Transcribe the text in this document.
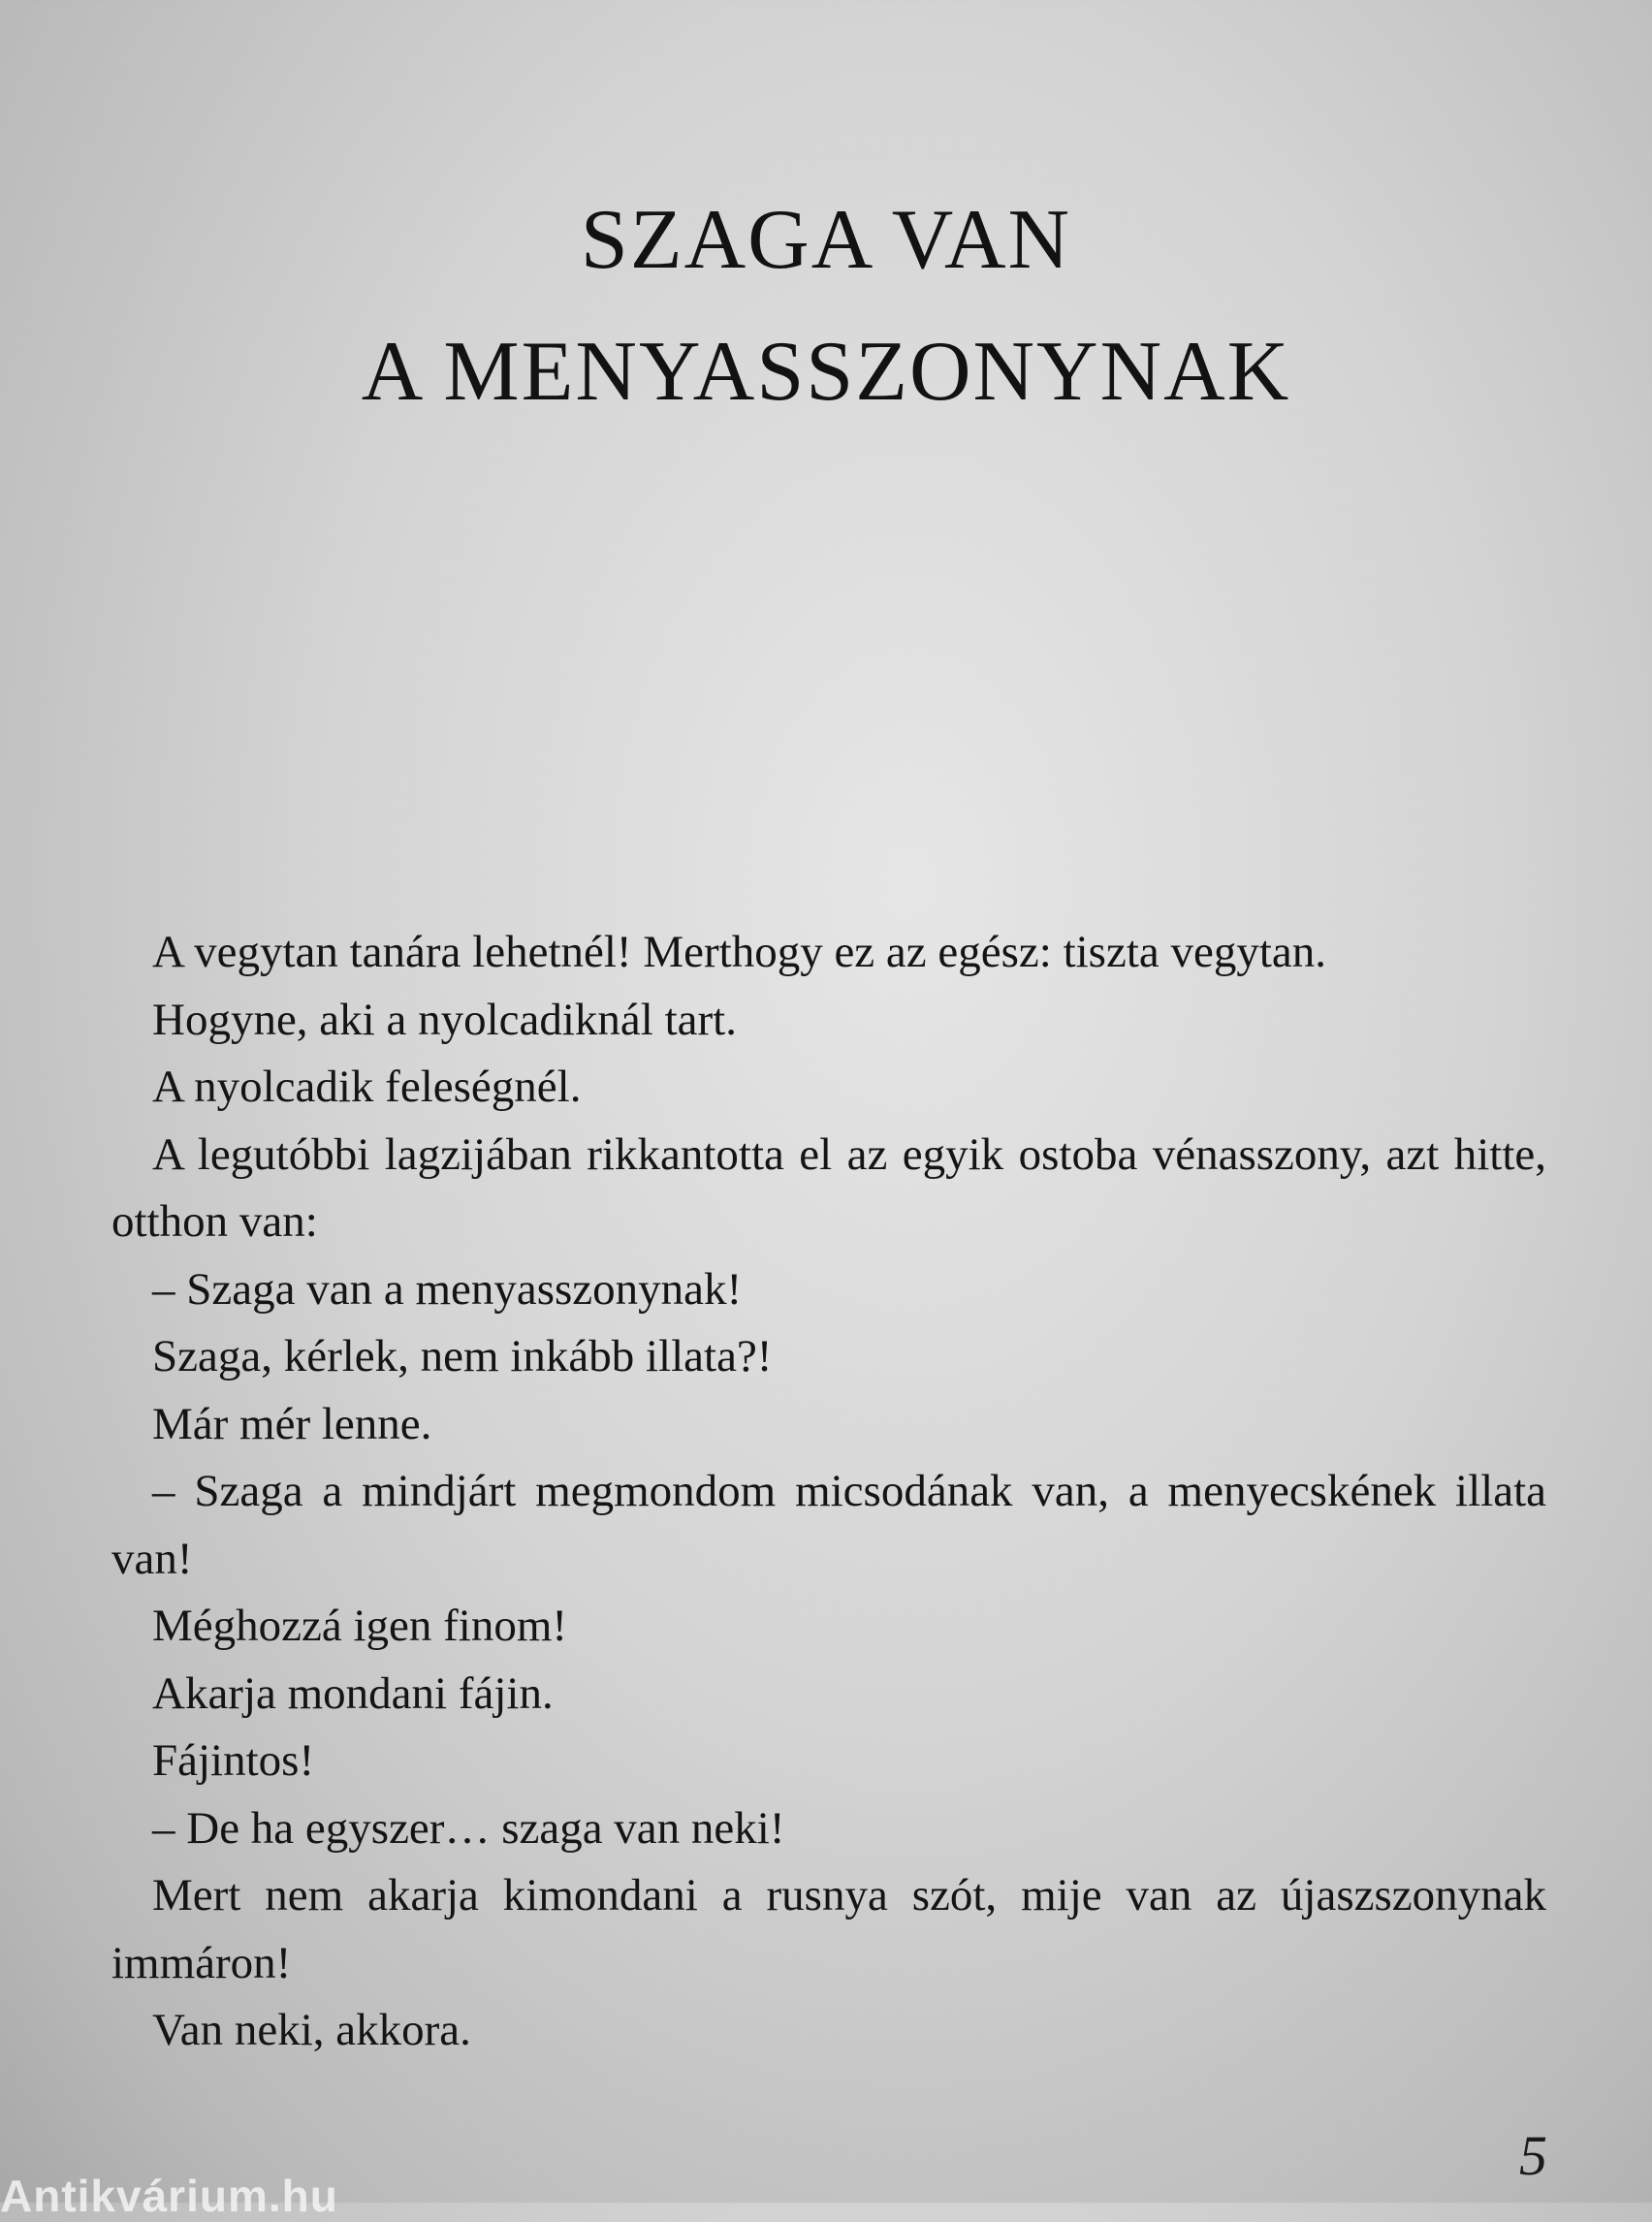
SZAGA VAN
A MENYASSZONYNAK

A vegytan tanára lehetnél! Merthogy ez az egész: tiszta vegytan.

Hogyne, aki a nyolcadiknál tart.

A nyolcadik feleségnél.

A legutóbbi lagzijában rikkantotta el az egyik ostoba vénasszony, azt hitte, otthon van:

– Szaga van a menyasszonynak!

Szaga, kérlek, nem inkább illata?!

Már mér lenne.

– Szaga a mindjárt megmondom micsodának van, a menyecskének illata van!

Méghozzá igen finom!

Akarja mondani fájin.

Fájintos!

– De ha egyszer… szaga van neki!

Mert nem akarja kimondani a rusnya szót, mije van az újaszszonynak immáron!

Van neki, akkora.

5
Antikvárium.hu
